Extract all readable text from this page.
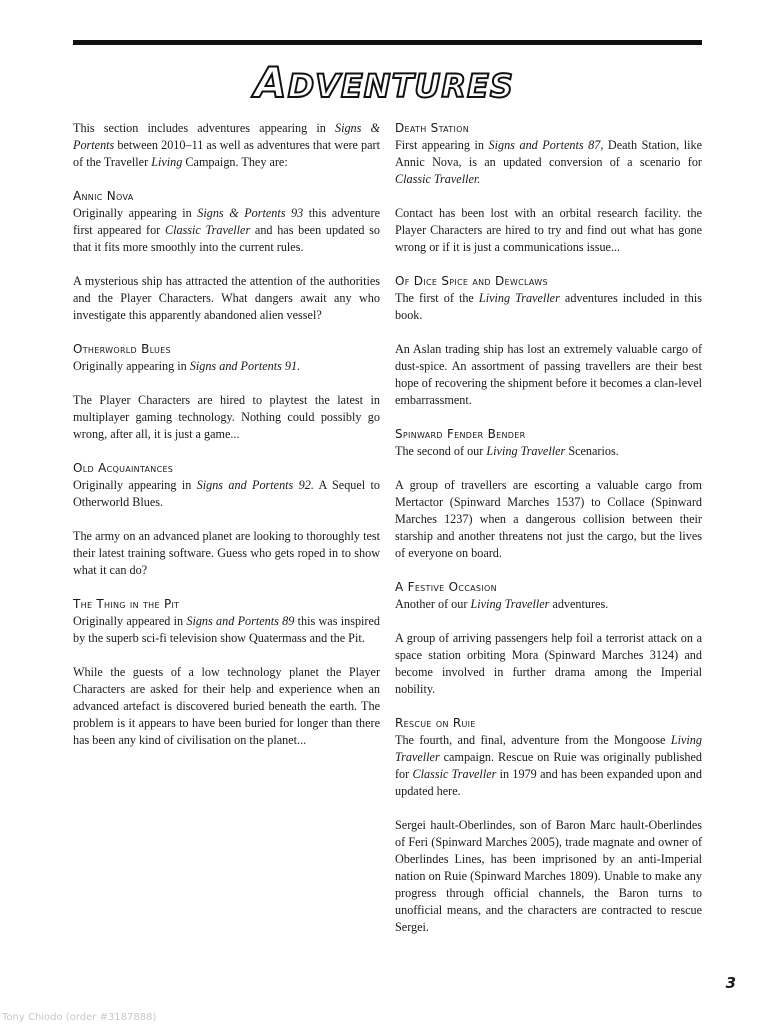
ADVENTURES

This section includes adventures appearing in Signs & Portents between 2010–11 as well as adventures that were part of the Traveller Living Campaign. They are:

Annic Nova

Originally appearing in Signs & Portents 93 this adventure first appeared for Classic Traveller and has been updated so that it fits more smoothly into the current rules.

A mysterious ship has attracted the attention of the authorities and the Player Characters. What dangers await any who investigate this apparently abandoned alien vessel?

Otherworld Blues

Originally appearing in Signs and Portents 91.

The Player Characters are hired to playtest the latest in multiplayer gaming technology. Nothing could possibly go wrong, after all, it is just a game...

Old Acquaintances

Originally appearing in Signs and Portents 92. A Sequel to Otherworld Blues.

The army on an advanced planet are looking to thoroughly test their latest training software. Guess who gets roped in to show what it can do?

The Thing in the Pit

Originally appeared in Signs and Portents 89 this was inspired by the superb sci-fi television show Quatermass and the Pit.

While the guests of a low technology planet the Player Characters are asked for their help and experience when an advanced artefact is discovered buried beneath the earth. The problem is it appears to have been buried for longer than there has been any kind of civilisation on the planet...

Death Station

First appearing in Signs and Portents 87, Death Station, like Annic Nova, is an updated conversion of a scenario for Classic Traveller.

Contact has been lost with an orbital research facility. the Player Characters are hired to try and find out what has gone wrong or if it is just a communications issue...

Of Dice Spice and Dewclaws

The first of the Living Traveller adventures included in this book.

An Aslan trading ship has lost an extremely valuable cargo of dust-spice. An assortment of passing travellers are their best hope of recovering the shipment before it becomes a clan-level embarrassment.

Spinward Fender Bender

The second of our Living Traveller Scenarios.

A group of travellers are escorting a valuable cargo from Mertactor (Spinward Marches 1537) to Collace (Spinward Marches 1237) when a dangerous collision between their starship and another threatens not just the cargo, but the lives of everyone on board.

A Festive Occasion

Another of our Living Traveller adventures.

A group of arriving passengers help foil a terrorist attack on a space station orbiting Mora (Spinward Marches 3124) and become involved in further drama among the Imperial nobility.

Rescue on Ruie

The fourth, and final, adventure from the Mongoose Living Traveller campaign. Rescue on Ruie was originally published for Classic Traveller in 1979 and has been expanded upon and updated here.

Sergei hault-Oberlindes, son of Baron Marc hault-Oberlindes of Feri (Spinward Marches 2005), trade magnate and owner of Oberlindes Lines, has been imprisoned by an anti-Imperial nation on Ruie (Spinward Marches 1809). Unable to make any progress through official channels, the Baron turns to unofficial means, and the characters are contracted to rescue Sergei.

3
Tony Chiodo (order #3187888)
